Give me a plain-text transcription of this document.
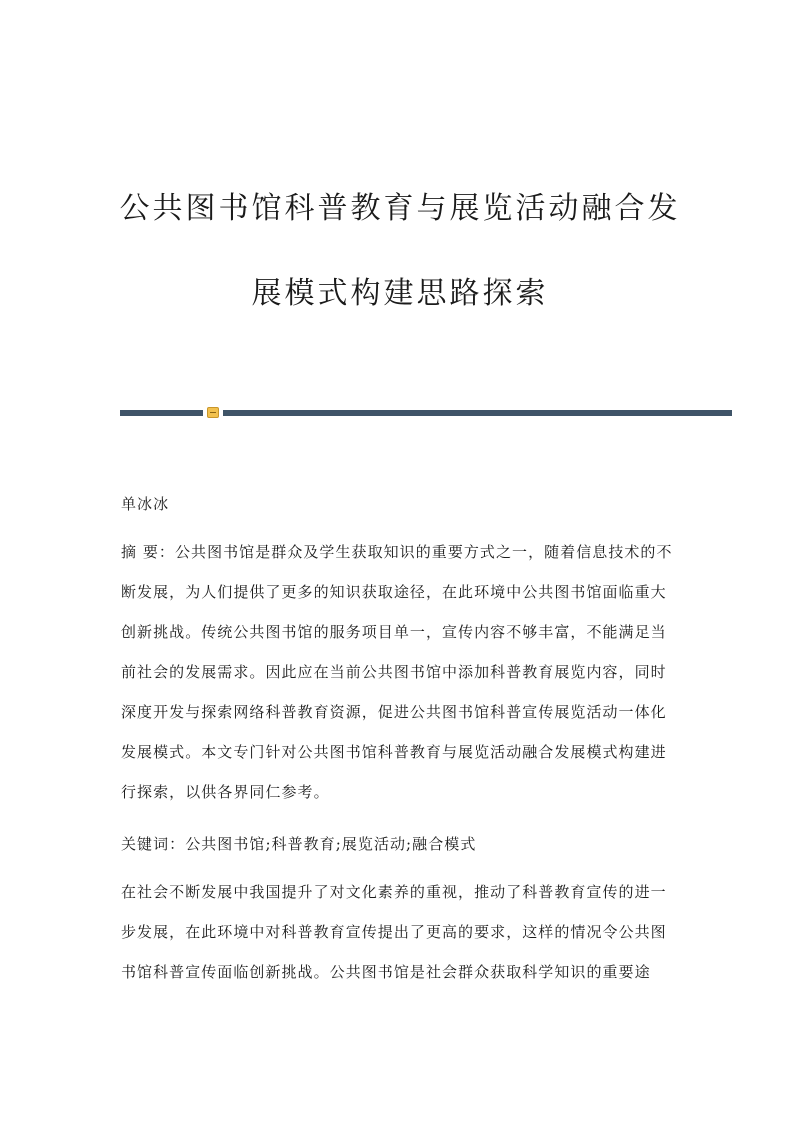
公共图书馆科普教育与展览活动融合发
展模式构建思路探索

单冰冰

摘 要：公共图书馆是群众及学生获取知识的重要方式之一，随着信息技术的不
断发展，为人们提供了更多的知识获取途径，在此环境中公共图书馆面临重大
创新挑战。传统公共图书馆的服务项目单一，宣传内容不够丰富，不能满足当
前社会的发展需求。因此应在当前公共图书馆中添加科普教育展览内容，同时
深度开发与探索网络科普教育资源，促进公共图书馆科普宣传展览活动一体化
发展模式。本文专门针对公共图书馆科普教育与展览活动融合发展模式构建进
行探索，以供各界同仁参考。

关键词：公共图书馆;科普教育;展览活动;融合模式

在社会不断发展中我国提升了对文化素养的重视，推动了科普教育宣传的进一
步发展，在此环境中对科普教育宣传提出了更高的要求，这样的情况令公共图
书馆科普宣传面临创新挑战。公共图书馆是社会群众获取科学知识的重要途
